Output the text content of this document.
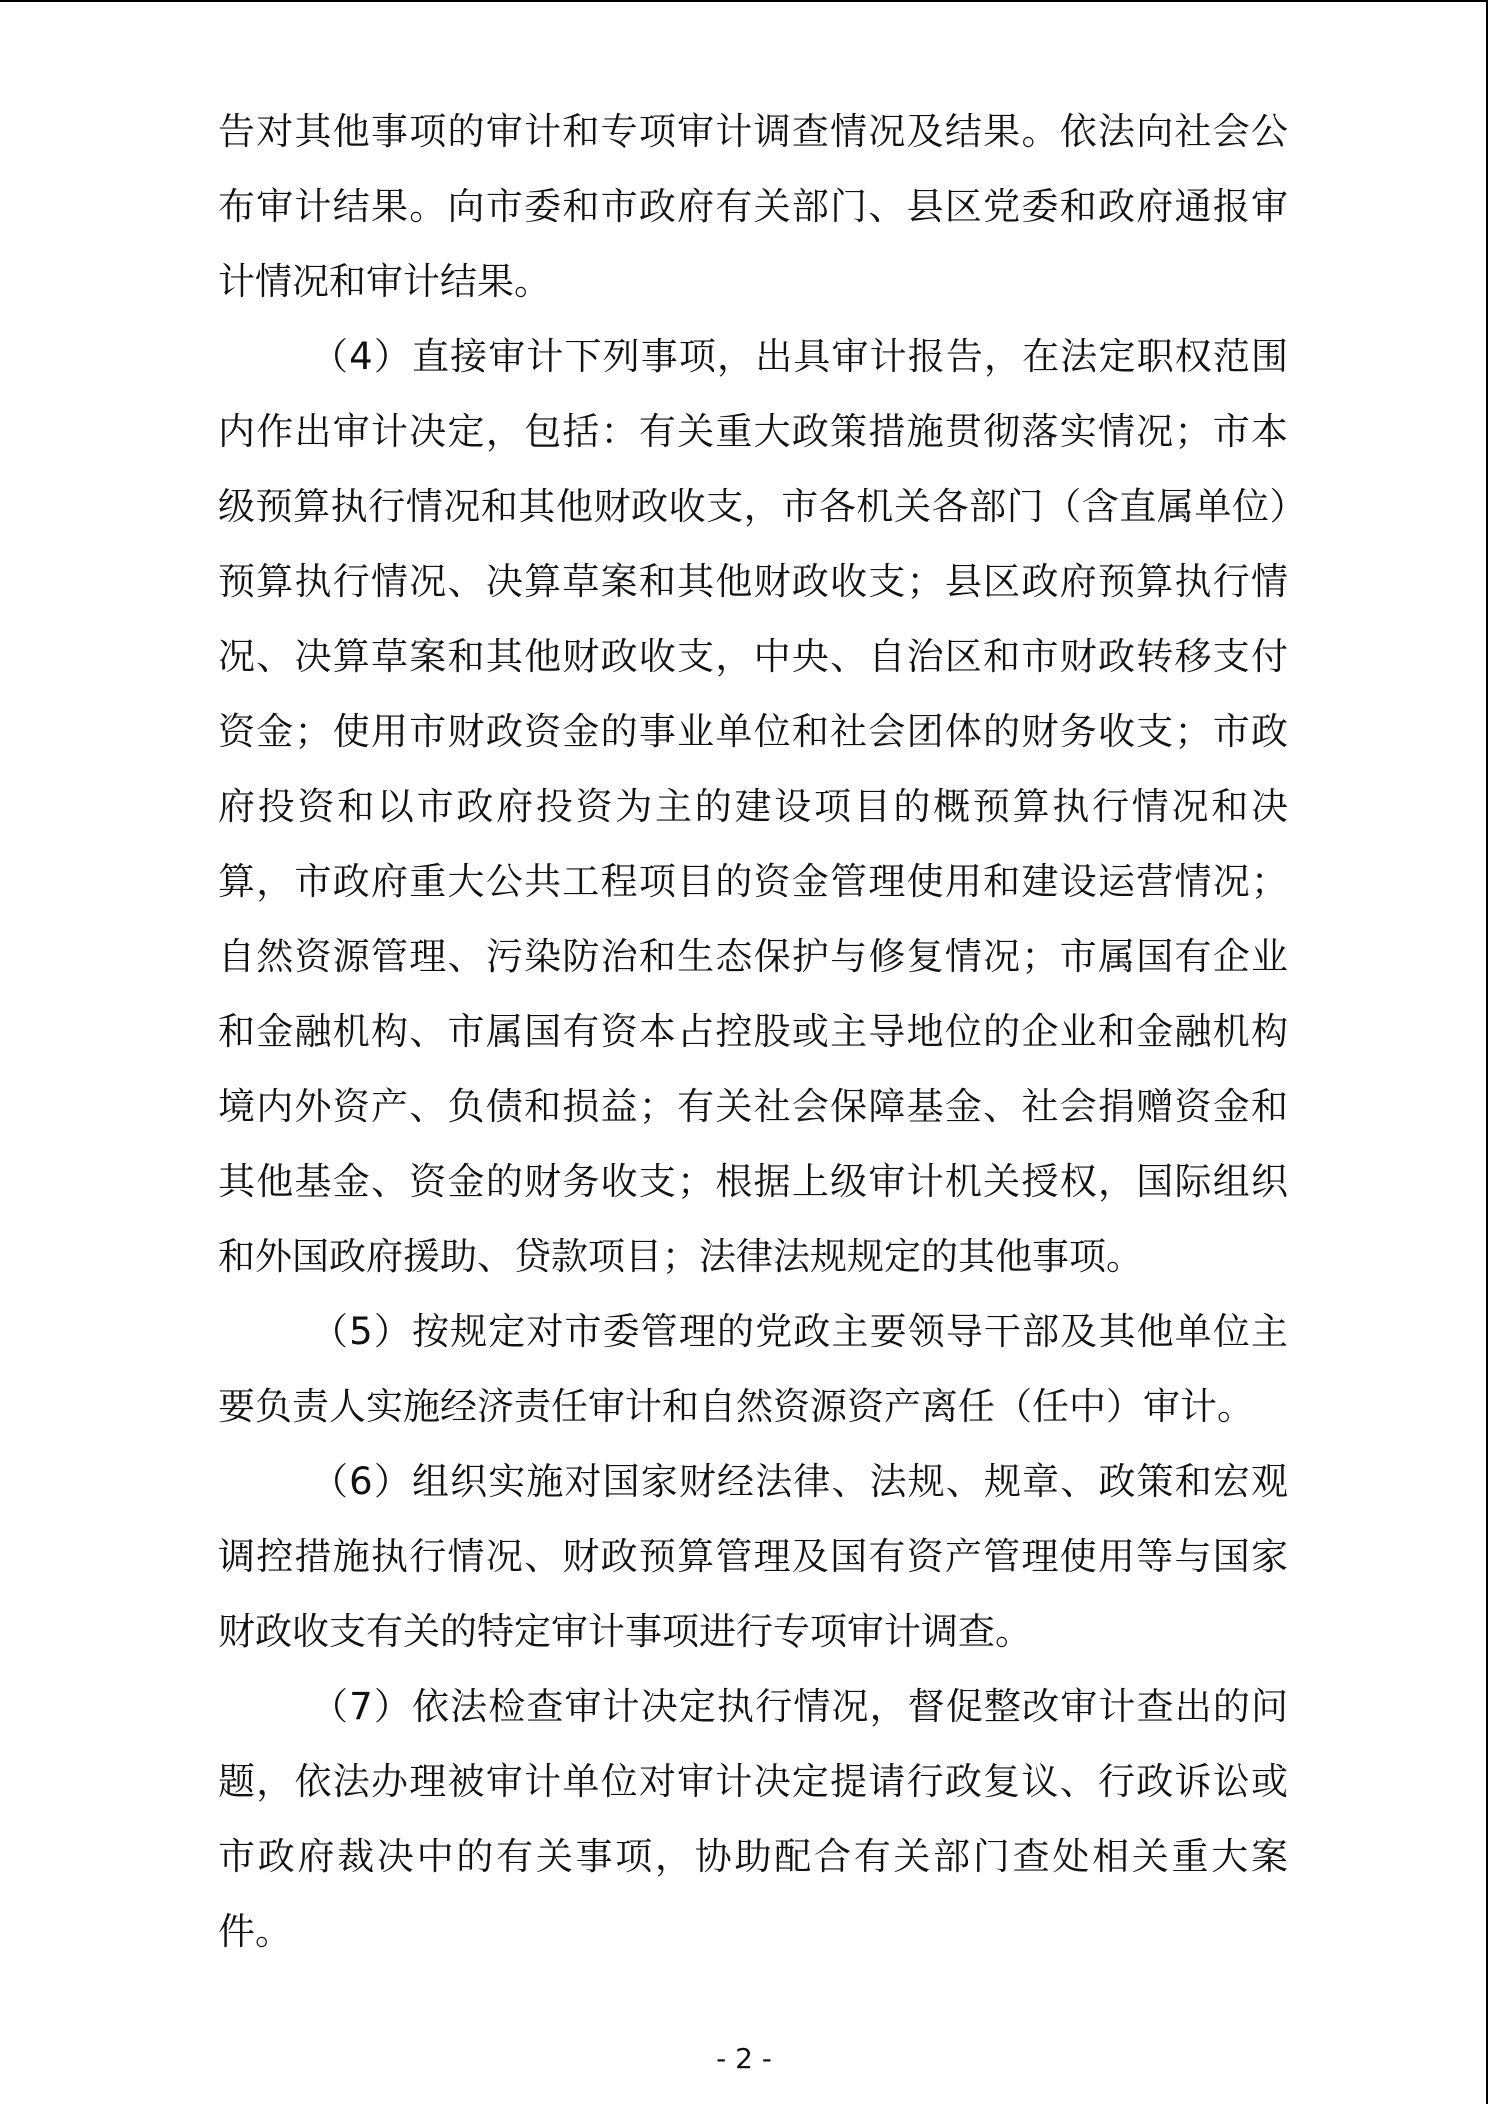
告对其他事项的审计和专项审计调查情况及结果。依法向社会公布审计结果。向市委和市政府有关部门、县区党委和政府通报审计情况和审计结果。

（4）直接审计下列事项，出具审计报告，在法定职权范围内作出审计决定，包括：有关重大政策措施贯彻落实情况；市本级预算执行情况和其他财政收支，市各机关各部门（含直属单位）预算执行情况、决算草案和其他财政收支；县区政府预算执行情况、决算草案和其他财政收支，中央、自治区和市财政转移支付资金；使用市财政资金的事业单位和社会团体的财务收支；市政府投资和以市政府投资为主的建设项目的概预算执行情况和决算，市政府重大公共工程项目的资金管理使用和建设运营情况；自然资源管理、污染防治和生态保护与修复情况；市属国有企业和金融机构、市属国有资本占控股或主导地位的企业和金融机构境内外资产、负债和损益；有关社会保障基金、社会捐赠资金和其他基金、资金的财务收支；根据上级审计机关授权，国际组织和外国政府援助、贷款项目；法律法规规定的其他事项。

（5）按规定对市委管理的党政主要领导干部及其他单位主要负责人实施经济责任审计和自然资源资产离任（任中）审计。

（6）组织实施对国家财经法律、法规、规章、政策和宏观调控措施执行情况、财政预算管理及国有资产管理使用等与国家财政收支有关的特定审计事项进行专项审计调查。

（7）依法检查审计决定执行情况，督促整改审计查出的问题，依法办理被审计单位对审计决定提请行政复议、行政诉讼或市政府裁决中的有关事项，协助配合有关部门查处相关重大案件。

- 2 -
